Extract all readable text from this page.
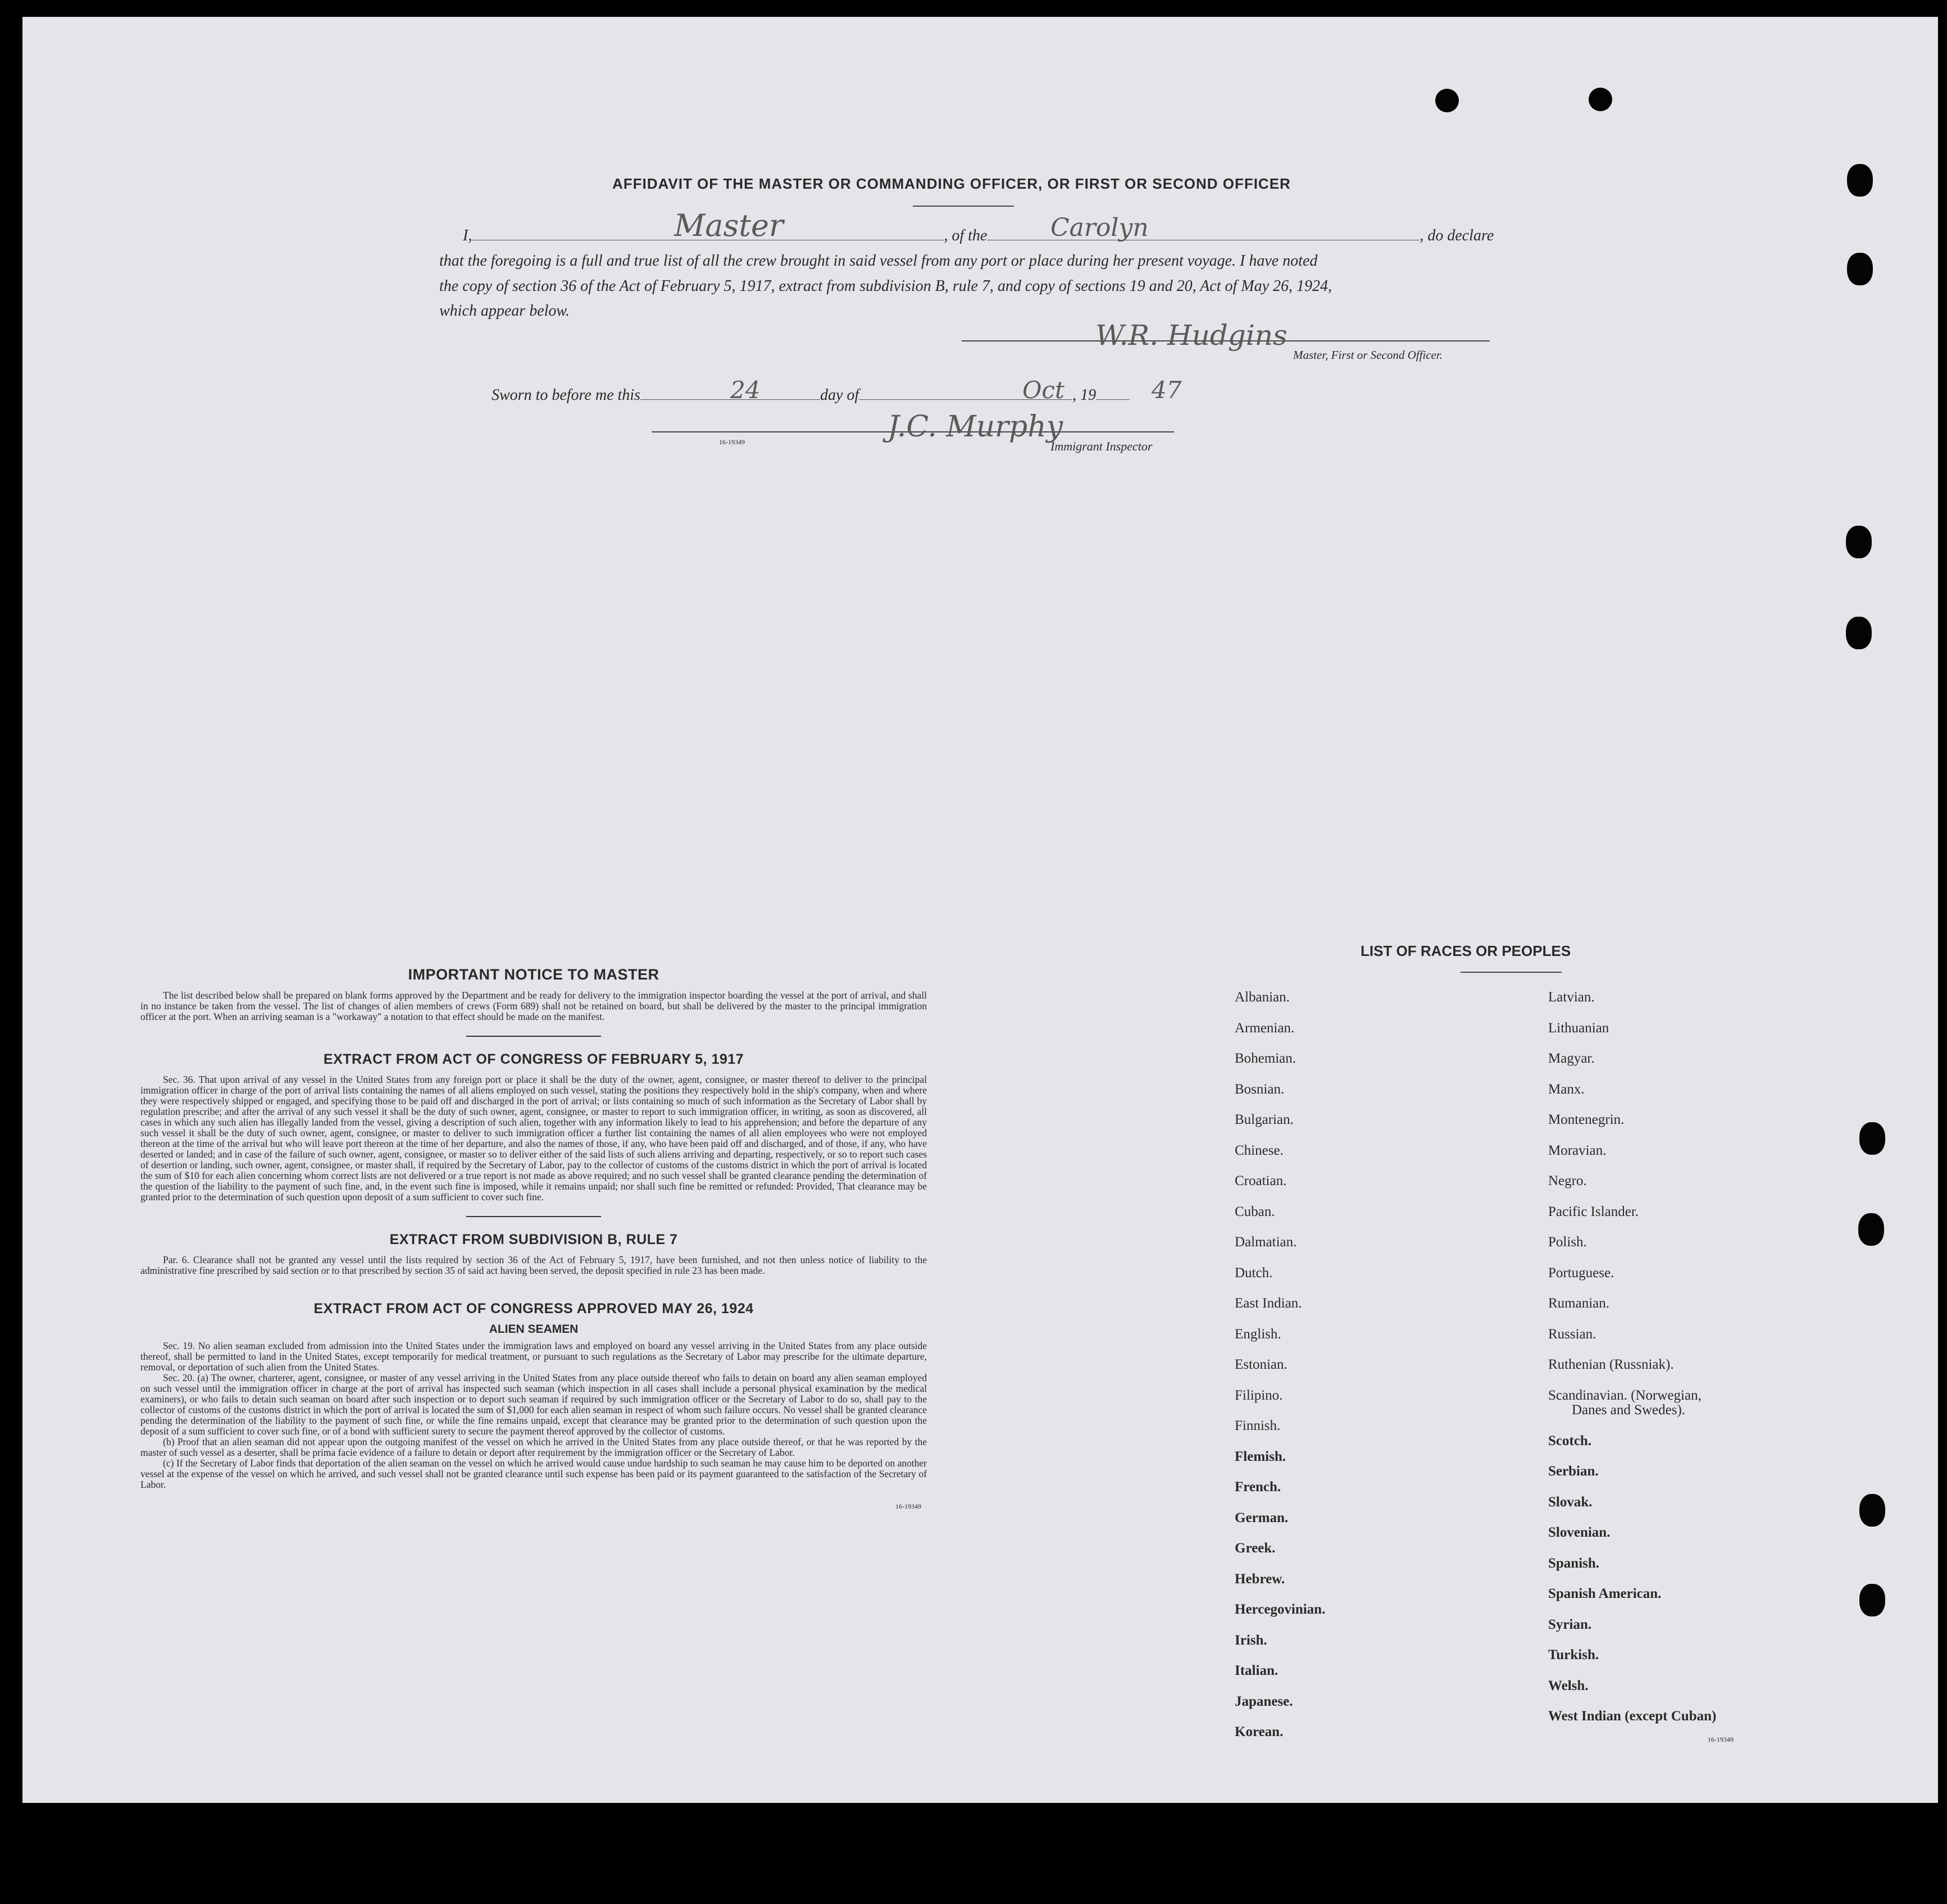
AFFIDAVIT OF THE MASTER OR COMMANDING OFFICER, OR FIRST OR SECOND OFFICER
I,	, of the	, do declare
Master	Carolyn
that the foregoing is a full and true list of all the crew brought in said vessel from any port or place during her present voyage. I have noted
the copy of section 36 of the Act of February 5, 1917, extract from subdivision B, rule 7, and copy of sections 19 and 20, Act of May 26, 1924,
which appear below.
W.R. Hudgins
Master, First or Second Officer.
Sworn to before me this	day of	, 19
24	Oct	47
16-19349	J.C. Murphy
Immigrant Inspector
IMPORTANT NOTICE TO MASTER

The list described below shall be prepared on blank forms approved by the Department and be ready for delivery to the immigration inspector boarding the vessel at the port of arrival, and shall in no instance be taken from the vessel. The list of changes of alien members of crews (Form 689) shall not be retained on board, but shall be delivered by the master to the principal immigration officer at the port. When an arriving seaman is a "workaway" a notation to that effect should be made on the manifest.

EXTRACT FROM ACT OF CONGRESS OF FEBRUARY 5, 1917

Sec. 36. That upon arrival of any vessel in the United States from any foreign port or place it shall be the duty of the owner, agent, consignee, or master thereof to deliver to the principal immigration officer in charge of the port of arrival lists containing the names of all aliens employed on such vessel, stating the positions they respectively hold in the ship's company, when and where they were respectively shipped or engaged, and specifying those to be paid off and discharged in the port of arrival; or lists containing so much of such information as the Secretary of Labor shall by regulation prescribe; and after the arrival of any such vessel it shall be the duty of such owner, agent, consignee, or master to report to such immigration officer, in writing, as soon as discovered, all cases in which any such alien has illegally landed from the vessel, giving a description of such alien, together with any information likely to lead to his apprehension; and before the departure of any such vessel it shall be the duty of such owner, agent, consignee, or master to deliver to such immigration officer a further list containing the names of all alien employees who were not employed thereon at the time of the arrival but who will leave port thereon at the time of her departure, and also the names of those, if any, who have been paid off and discharged, and of those, if any, who have deserted or landed; and in case of the failure of such owner, agent, consignee, or master so to deliver either of the said lists of such aliens arriving and departing, respectively, or so to report such cases of desertion or landing, such owner, agent, consignee, or master shall, if required by the Secretary of Labor, pay to the collector of customs of the customs district in which the port of arrival is located the sum of $10 for each alien concerning whom correct lists are not delivered or a true report is not made as above required; and no such vessel shall be granted clearance pending the determination of the question of the liability to the payment of such fine, and, in the event such fine is imposed, while it remains unpaid; nor shall such fine be remitted or refunded: Provided, That clearance may be granted prior to the determination of such question upon deposit of a sum sufficient to cover such fine.

EXTRACT FROM SUBDIVISION B, RULE 7

Par. 6. Clearance shall not be granted any vessel until the lists required by section 36 of the Act of February 5, 1917, have been furnished, and not then unless notice of liability to the administrative fine prescribed by said section or to that prescribed by section 35 of said act having been served, the deposit specified in rule 23 has been made.

EXTRACT FROM ACT OF CONGRESS APPROVED MAY 26, 1924
ALIEN SEAMEN

Sec. 19. No alien seaman excluded from admission into the United States under the immigration laws and employed on board any vessel arriving in the United States from any place outside thereof, shall be permitted to land in the United States, except temporarily for medical treatment, or pursuant to such regulations as the Secretary of Labor may prescribe for the ultimate departure, removal, or deportation of such alien from the United States.

Sec. 20. (a) The owner, charterer, agent, consignee, or master of any vessel arriving in the United States from any place outside thereof who fails to detain on board any alien seaman employed on such vessel until the immigration officer in charge at the port of arrival has inspected such seaman (which inspection in all cases shall include a personal physical examination by the medical examiners), or who fails to detain such seaman on board after such inspection or to deport such seaman if required by such immigration officer or the Secretary of Labor to do so, shall pay to the collector of customs of the customs district in which the port of arrival is located the sum of $1,000 for each alien seaman in respect of whom such failure occurs. No vessel shall be granted clearance pending the determination of the liability to the payment of such fine, or while the fine remains unpaid, except that clearance may be granted prior to the determination of such question upon the deposit of a sum sufficient to cover such fine, or of a bond with sufficient surety to secure the payment thereof approved by the collector of customs.

(b) Proof that an alien seaman did not appear upon the outgoing manifest of the vessel on which he arrived in the United States from any place outside thereof, or that he was reported by the master of such vessel as a deserter, shall be prima facie evidence of a failure to detain or deport after requirement by the immigration officer or the Secretary of Labor.

(c) If the Secretary of Labor finds that deportation of the alien seaman on the vessel on which he arrived would cause undue hardship to such seaman he may cause him to be deported on another vessel at the expense of the vessel on which he arrived, and such vessel shall not be granted clearance until such expense has been paid or its payment guaranteed to the satisfaction of the Secretary of Labor.

16-19349
LIST OF RACES OR PEOPLES
Albanian.
Armenian.
Bohemian.
Bosnian.
Bulgarian.
Chinese.
Croatian.
Cuban.
Dalmatian.
Dutch.
East Indian.
English.
Estonian.
Filipino.
Finnish.
Flemish.
French.
German.
Greek.
Hebrew.
Hercegovinian.
Irish.
Italian.
Japanese.
Korean.
Latvian.
Lithuanian
Magyar.
Manx.
Montenegrin.
Moravian.
Negro.
Pacific Islander.
Polish.
Portuguese.
Rumanian.
Russian.
Ruthenian (Russniak).
Scandinavian. (Norwegian,
Danes and Swedes).
Scotch.
Serbian.
Slovak.
Slovenian.
Spanish.
Spanish American.
Syrian.
Turkish.
Welsh.
West Indian (except Cuban)
16-19349
